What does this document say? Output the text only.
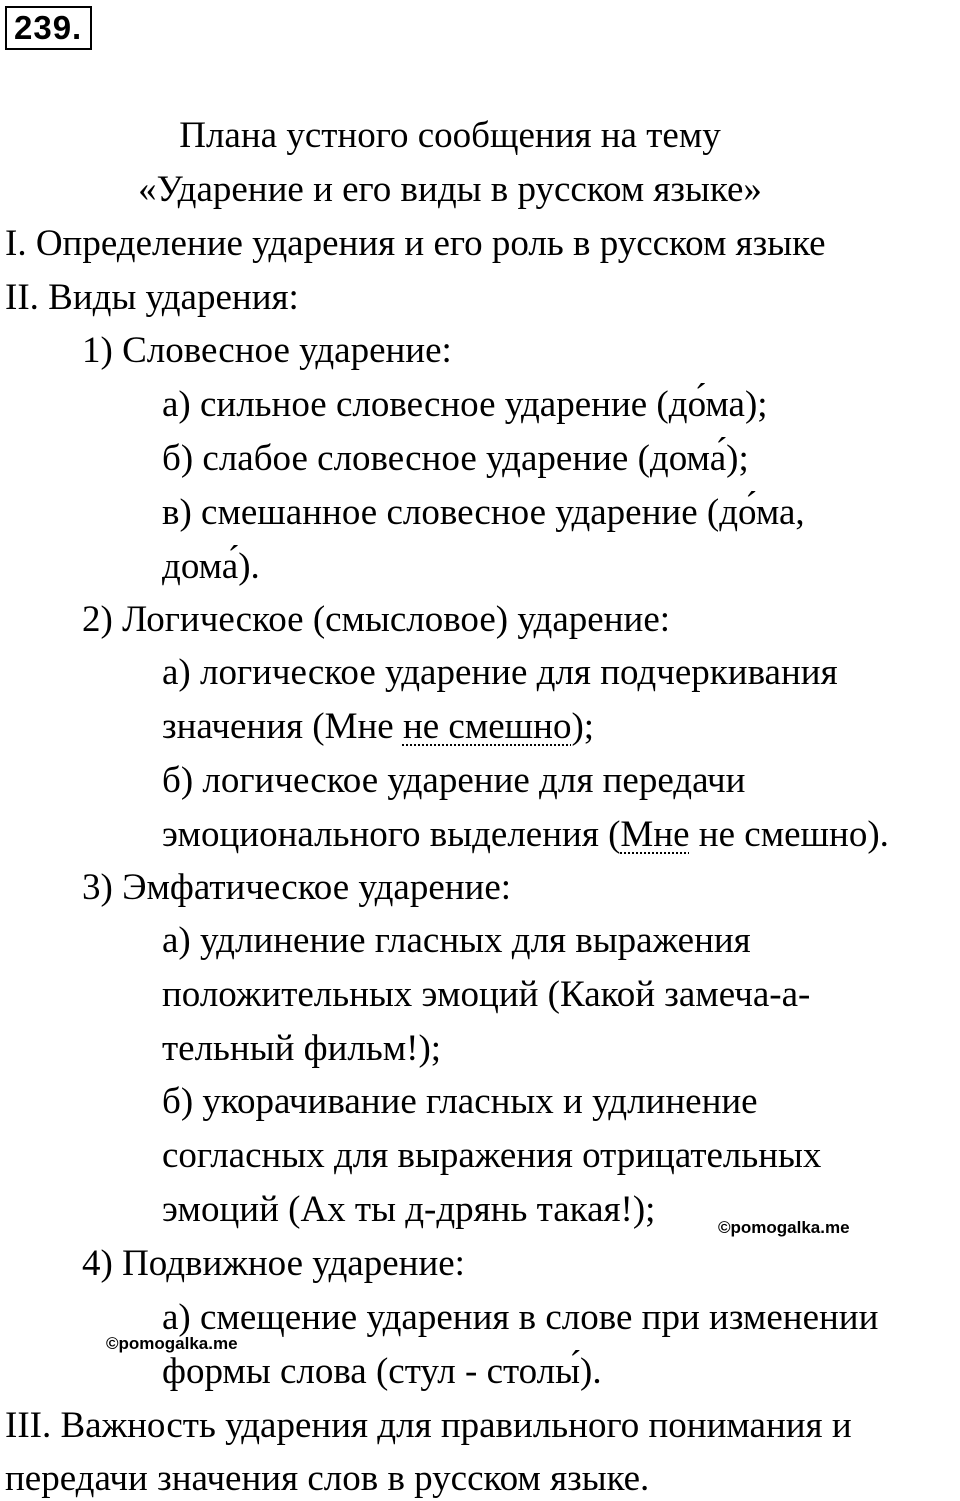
239.
Плана устного сообщения на тему
«Ударение и его виды в русском языке»
I. Определение ударения и его роль в русском языке
II. Виды ударения:
1) Словесное ударение:
а) сильное словесное ударение (до́ма);
б) слабое словесное ударение (дома́);
в) смешанное словесное ударение (до́ма,
дома́).
2) Логическое (смысловое) ударение:
а) логическое ударение для подчеркивания
значения (Мне не смешно);
б) логическое ударение для передачи
эмоционального выделения (Мне не смешно).
3) Эмфатическое ударение:
а) удлинение гласных для выражения
положительных эмоций (Какой замеча-а-
тельный фильм!);
б) укорачивание гласных и удлинение
согласных для выражения отрицательных
эмоций (Ах ты д-дрянь такая!);	©pomogalka.me
4) Подвижное ударение:
а) смещение ударения в слове при изменении
©pomogalka.me
формы слова (стул - столы́).
III. Важность ударения для правильного понимания и
передачи значения слов в русском языке.
